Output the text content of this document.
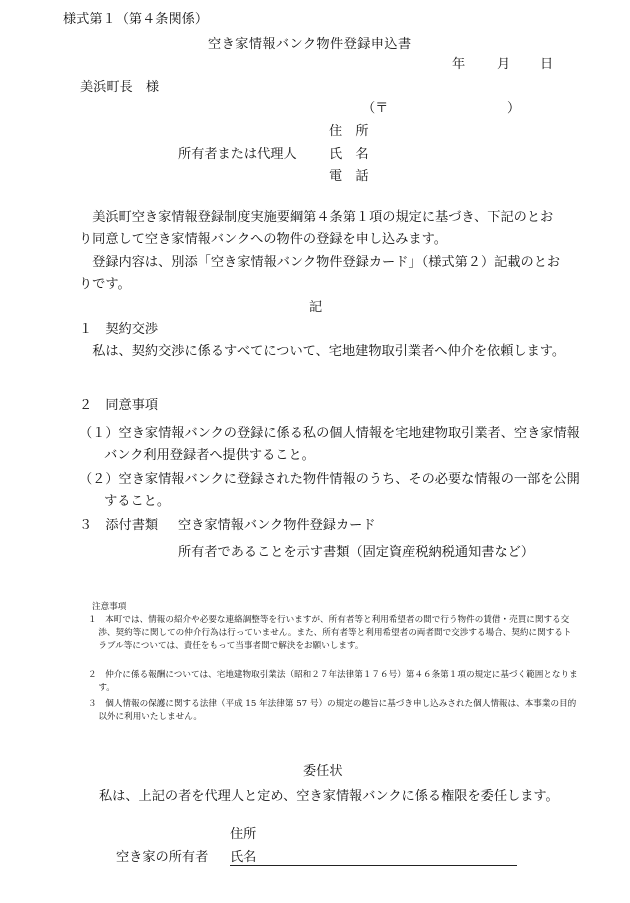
様式第１（第４条関係）
空き家情報バンク物件登録申込書
年 月 日
美浜町長　様
（〒　　　　　　　　　）
住　所
所有者または代理人 氏　名
電　話
美浜町空き家情報登録制度実施要綱第４条第１項の規定に基づき、下記のとおり同意して空き家情報バンクへの物件の登録を申し込みます。
登録内容は、別添「空き家情報バンク物件登録カード」（様式第２）記載のとおりです。
記
１　契約交渉
私は、契約交渉に係るすべてについて、宅地建物取引業者へ仲介を依頼します。
２　同意事項
（１）空き家情報バンクの登録に係る私の個人情報を宅地建物取引業者、空き家情報バンク利用登録者へ提供すること。
（２）空き家情報バンクに登録された物件情報のうち、その必要な情報の一部を公開すること。
３　添付書類 空き家情報バンク物件登録カード
所有者であることを示す書類（固定資産税納税通知書など）
注意事項
１　本町では、情報の紹介や必要な連絡調整等を行いますが、所有者等と利用希望者の間で行う物件の賃借・売買に関する交渉、契約等に関しての仲介行為は行っていません。また、所有者等と利用希望者の両者間で交渉する場合、契約に関するトラブル等については、責任をもって当事者間で解決をお願いします。
２　仲介に係る報酬については、宅地建物取引業法（昭和２７年法律第１７６号）第４６条第１項の規定に基づく範囲となります。
３　個人情報の保護に関する法律（平成 15 年法律第 57 号）の規定の趣旨に基づき申し込みされた個人情報は、本事業の目的以外に利用いたしません。
委任状
私は、上記の者を代理人と定め、空き家情報バンクに係る権限を委任します。
住所
空き家の所有者 氏名
